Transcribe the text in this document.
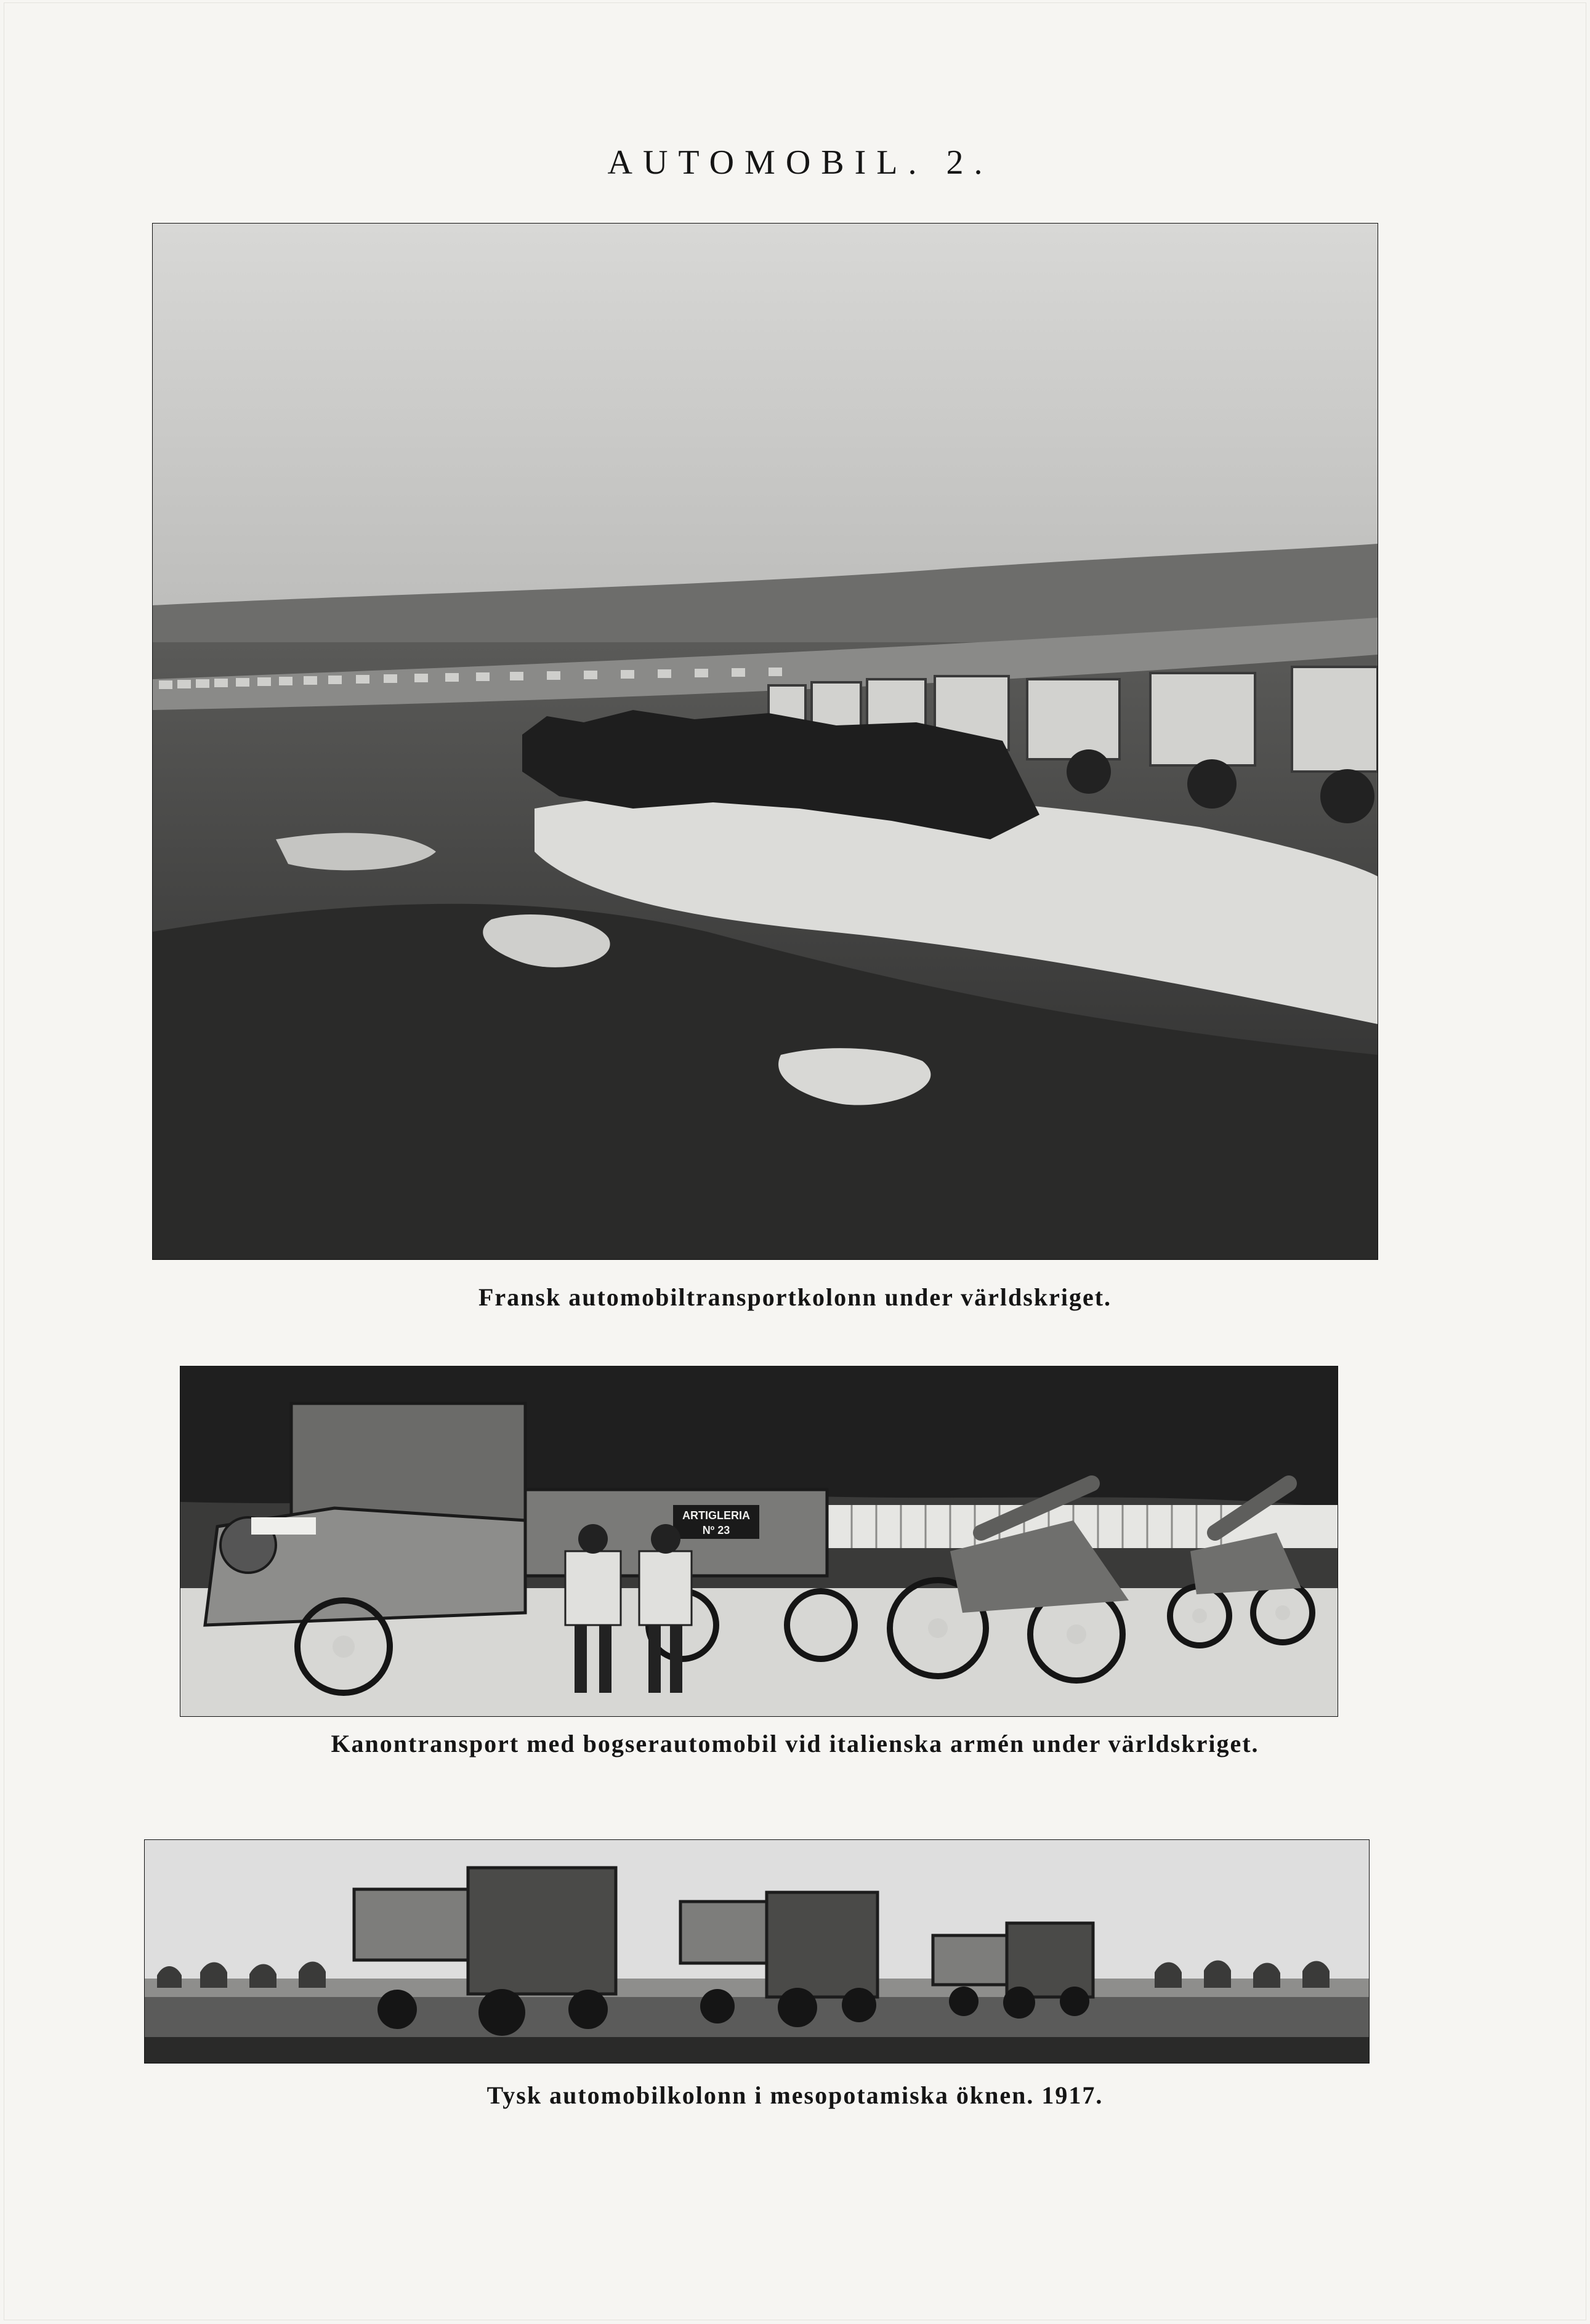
AUTOMOBIL. 2.
Fransk automobiltransportkolonn under världskriget.
ARTIGLERIA
Nº 23
Kanontransport med bogserautomobil vid italienska armén under världskriget.
Tysk automobilkolonn i mesopotamiska öknen. 1917.
